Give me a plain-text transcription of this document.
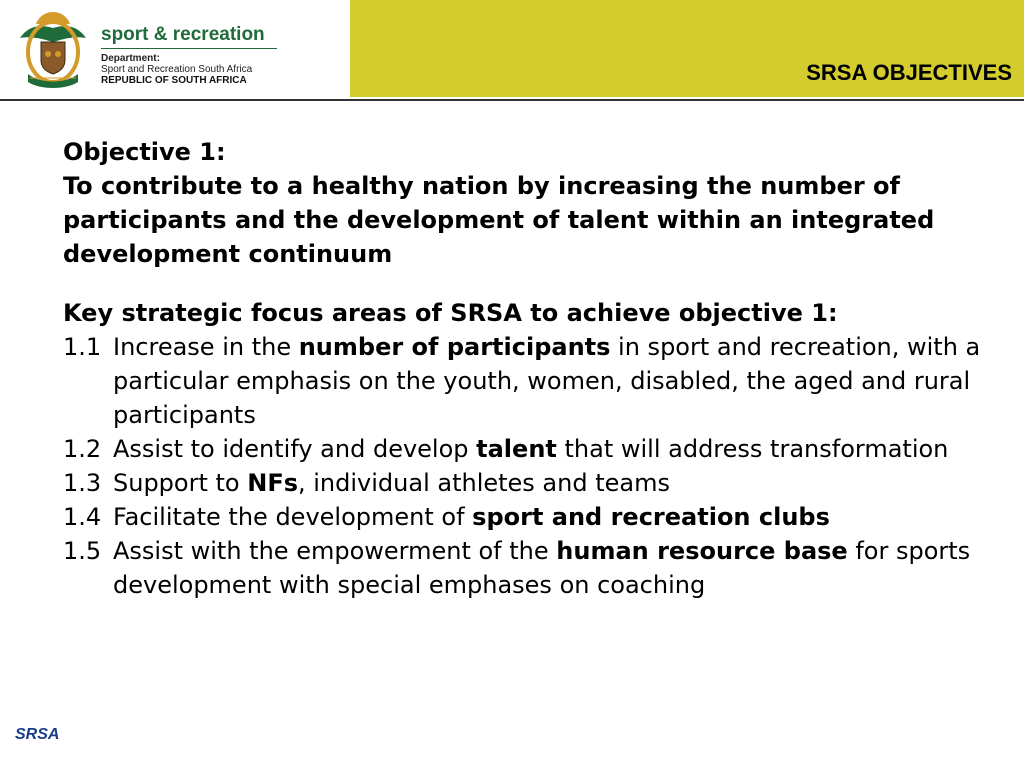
sport & recreation
Department:
Sport and Recreation South Africa
REPUBLIC OF SOUTH AFRICA	SRSA OBJECTIVES
Objective 1:
To contribute to a healthy nation by increasing the number of participants and the development of talent within an integrated development continuum
Key strategic focus areas of SRSA to achieve objective 1:
1.1 Increase in the number of participants in sport and recreation, with a particular emphasis on the youth, women, disabled, the aged and rural participants
1.2 Assist to identify and develop talent that will address transformation
1.3 Support to NFs, individual athletes and teams
1.4 Facilitate the development of sport and recreation clubs
1.5 Assist with the empowerment of the human resource base for sports development with special emphases on coaching
SRSA
